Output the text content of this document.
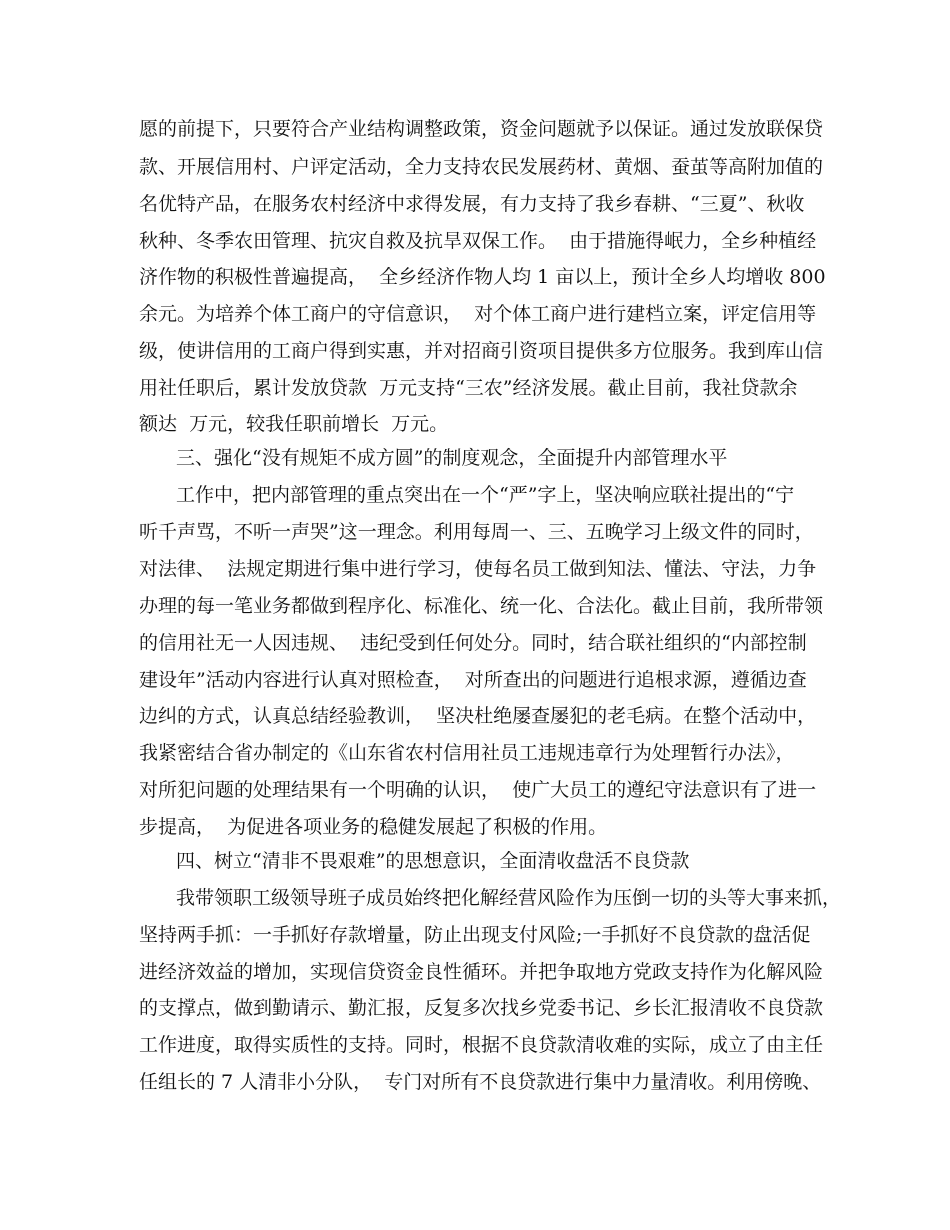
愿的前提下，只要符合产业结构调整政策，资金问题就予以保证。通过发放联保贷

款、开展信用村、户评定活动，全力支持农民发展药材、黄烟、蚕茧等高附加值的

名优特产品，在服务农村经济中求得发展，有力支持了我乡春耕、“三夏”、秋收

秋种、冬季农田管理、抗灾自救及抗旱双保工作。  由于措施得岷力，全乡种植经

济作物的积极性普遍提高，  全乡经济作物人均 1 亩以上，预计全乡人均增收 800

余元。为培养个体工商户的守信意识，  对个体工商户进行建档立案，评定信用等

级，使讲信用的工商户得到实惠，并对招商引资项目提供多方位服务。我到库山信

用社任职后，累计发放贷款  万元支持“三农”经济发展。截止目前，我社贷款余

额达  万元，较我任职前增长  万元。

三、强化“没有规矩不成方圆”的制度观念，全面提升内部管理水平

工作中，把内部管理的重点突出在一个“严”字上，坚决响应联社提出的“宁

听千声骂，不听一声哭”这一理念。利用每周一、三、五晚学习上级文件的同时，

对法律、  法规定期进行集中进行学习，使每名员工做到知法、懂法、守法，力争

办理的每一笔业务都做到程序化、标准化、统一化、合法化。截止目前，我所带领

的信用社无一人因违规、  违纪受到任何处分。同时，结合联社组织的“内部控制

建设年”活动内容进行认真对照检查，  对所查出的问题进行追根求源，遵循边查

边纠的方式，认真总结经验教训，  坚决杜绝屡查屡犯的老毛病。在整个活动中，

我紧密结合省办制定的《山东省农村信用社员工违规违章行为处理暂行办法》，

对所犯问题的处理结果有一个明确的认识，  使广大员工的遵纪守法意识有了进一

步提高，  为促进各项业务的稳健发展起了积极的作用。

四、树立“清非不畏艰难”的思想意识，全面清收盘活不良贷款

我带领职工级领导班子成员始终把化解经营风险作为压倒一切的头等大事来抓，

坚持两手抓：一手抓好存款增量，防止出现支付风险;一手抓好不良贷款的盘活促

进经济效益的增加，实现信贷资金良性循环。并把争取地方党政支持作为化解风险

的支撑点，做到勤请示、勤汇报，反复多次找乡党委书记、乡长汇报清收不良贷款

工作进度，取得实质性的支持。同时，根据不良贷款清收难的实际，成立了由主任

任组长的 7 人清非小分队，  专门对所有不良贷款进行集中力量清收。利用傍晚、
